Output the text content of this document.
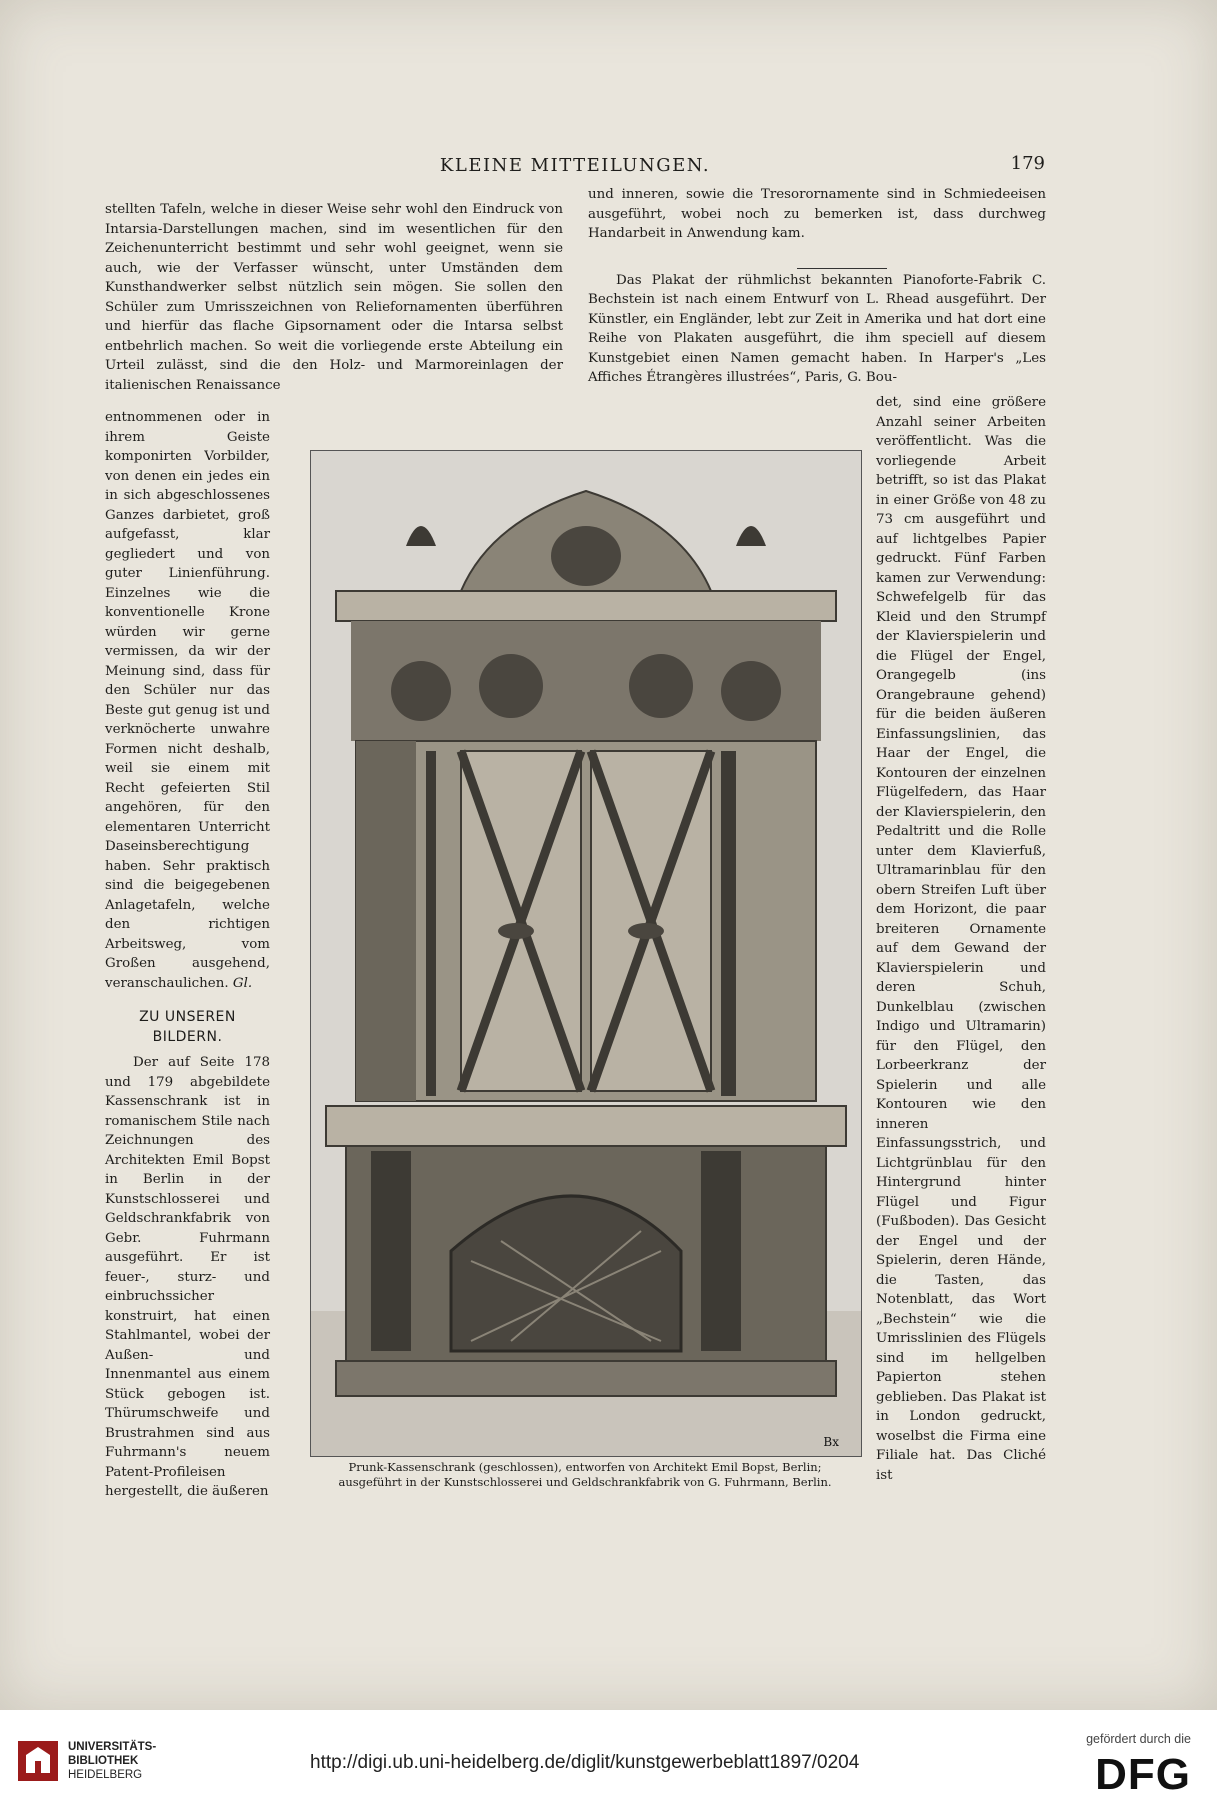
KLEINE MITTEILUNGEN.	179

stellten Tafeln, welche in dieser Weise sehr wohl den Eindruck von Intarsia-Darstellungen machen, sind im wesentlichen für den Zeichenunterricht bestimmt und sehr wohl geeignet, wenn sie auch, wie der Verfasser wünscht, unter Umständen dem Kunsthandwerker selbst nützlich sein mögen. Sie sollen den Schüler zum Umrisszeichnen von Reliefornamenten überführen und hierfür das flache Gipsornament oder die Intarsa selbst entbehrlich machen. So weit die vorliegende erste Abteilung ein Urteil zulässt, sind die den Holz- und Marmoreinlagen der italienischen Renaissance

entnommenen oder in ihrem Geiste komponirten Vorbilder, von denen ein jedes ein in sich abgeschlossenes Ganzes darbietet, groß aufgefasst, klar gegliedert und von guter Linienführung. Einzelnes wie die konventionelle Krone würden wir gerne vermissen, da wir der Meinung sind, dass für den Schüler nur das Beste gut genug ist und verknöcherte unwahre Formen nicht deshalb, weil sie einem mit Recht gefeierten Stil angehören, für den elementaren Unterricht Daseinsberechtigung haben. Sehr praktisch sind die beigegebenen Anlagetafeln, welche den richtigen Arbeitsweg, vom Großen ausgehend, veranschaulichen. Gl.

ZU UNSEREN
BILDERN.

Der auf Seite 178 und 179 abgebildete Kassenschrank ist in romanischem Stile nach Zeichnungen des Architekten Emil Bopst in Berlin in der Kunstschlosserei und Geldschrankfabrik von Gebr. Fuhrmann ausgeführt. Er ist feuer-, sturz- und einbruchssicher konstruirt, hat einen Stahlmantel, wobei der Außen- und Innenmantel aus einem Stück gebogen ist. Thürumschweife und Brustrahmen sind aus Fuhrmann's neuem Patent-Profileisen hergestellt, die äußeren

und inneren, sowie die Tresorornamente sind in Schmiedeeisen ausgeführt, wobei noch zu bemerken ist, dass durchweg Handarbeit in Anwendung kam.

Das Plakat der rühmlichst bekannten Pianoforte-Fabrik C. Bechstein ist nach einem Entwurf von L. Rhead ausgeführt. Der Künstler, ein Engländer, lebt zur Zeit in Amerika und hat dort eine Reihe von Plakaten ausgeführt, die ihm speciell auf diesem Kunstgebiet einen Namen gemacht haben. In Harper's „Les Affiches Étrangères illustrées“, Paris, G. Bou-

det, sind eine größere Anzahl seiner Arbeiten veröffentlicht. Was die vorliegende Arbeit betrifft, so ist das Plakat in einer Größe von 48 zu 73 cm ausgeführt und auf lichtgelbes Papier gedruckt. Fünf Farben kamen zur Verwendung: Schwefelgelb für das Kleid und den Strumpf der Klavierspielerin und die Flügel der Engel, Orangegelb (ins Orangebraune gehend) für die beiden äußeren Einfassungslinien, das Haar der Engel, die Kontouren der einzelnen Flügelfedern, das Haar der Klavierspielerin, den Pedaltritt und die Rolle unter dem Klavierfuß, Ultramarinblau für den obern Streifen Luft über dem Horizont, die paar breiteren Ornamente auf dem Gewand der Klavierspielerin und deren Schuh, Dunkelblau (zwischen Indigo und Ultramarin) für den Flügel, den Lorbeerkranz der Spielerin und alle Kontouren wie den inneren Einfassungsstrich, und Lichtgrünblau für den Hintergrund hinter Flügel und Figur (Fußboden). Das Gesicht der Engel und der Spielerin, deren Hände, die Tasten, das Notenblatt, das Wort „Bechstein“ wie die Umrisslinien des Flügels sind im hellgelben Papierton stehen geblieben. Das Plakat ist in London gedruckt, woselbst die Firma eine Filiale hat. Das Cliché ist

Bx
Prunk-Kassenschrank (geschlossen), entworfen von Architekt Emil Bopst, Berlin;
ausgeführt in der Kunstschlosserei und Geldschrankfabrik von G. Fuhrmann, Berlin.
UNIVERSITÄTS-
BIBLIOTHEK
HEIDELBERG
http://digi.ub.uni-heidelberg.de/diglit/kunstgewerbeblatt1897/0204
gefördert durch die
DFG
